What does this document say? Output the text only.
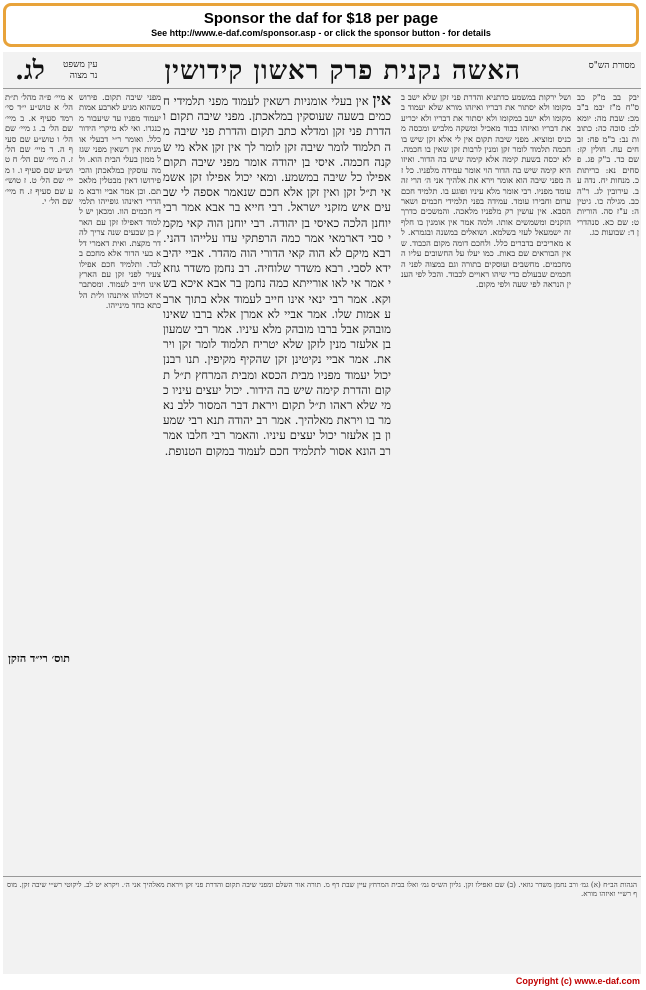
Sponsor the daf for $18 per page
See http://www.e-daf.com/sponsor.asp - or click the sponsor button - for details
מסורת הש"ס
האשה נקנית פרק ראשון קידושין
עין משפט
נר מצוה
לג.

יבק בב מ"ק כב ס"ח מ"ז יבמ ב"ב מכ: שבת מה: יומא לב: סוכה כה: כתובות נב: ב"מ פח: זבחים עח. חולין קז: שם כד. ב"ק פג. פסחים נא: כריתות כ. מנחות יח. נדה עב. עירובין לג. ר"ה כב. מגילה כו. גיטין ה: ע"ז סה. הוריות ט: שם כא. סנהדרין ד: שבועות כג.

ושל ירקות במשמע כדתניא והדרת פני זקן שלא ישב במקומו ולא יסתור את דבריו ואיזהו מורא שלא יעמוד במקומו ולא ישב במקומו ולא יסתור את דבריו ולא יכריע את דבריו ואיזהו כבוד מאכיל ומשקה מלביש ומכסה מכניס ומוציא. מפני שיבה תקום אין לי אלא זקן שיש בו חכמה תלמוד לומר זקן ומנין לרבות זקן שאין בו חכמה. לא יכסה בשעת קימה אלא קימה שיש בה הדור. ואיזו היא קימה שיש בה הדור הוי אומר עמידה מלפניו. כל זה מפני שיבה הוא אומר וירא את אלהיך אני ה׳ הרי זה עומד מפניו. רבי אומר מלא עיניו ופוגע בו. תלמיד חכם ערום וחבירו עומד. עמידה בפני תלמידי חכמים ושאר הסבא. אין עושין רק מלפניו מלאכה. והמשכים כדרך הזקנים ומשמשים אותו. ולמה אמר אין אומנין בו חלף זה ישמעאל לעזי בשלמא. ושואלים במשנה ובגמרא. לא מאריכים בדברים כלל. ולחכם דומה מקום הכבוד. שאין הבוראים שם באות. כמו יעלו על החשובים עליו המחכמים. מחשבים ועוסקים בתורה וגם במצוה לפני החכמים שבעולם כדי שיהו ראויים לכבוד. והכל לפי הענין הנראה לפי שעה ולפי מקום.

אין אין בעלי אומניות רשאין לעמוד מפני תלמידי חכמים בשעה שעוסקין במלאכתן. מפני שיבה תקום והדרת פני זקן ומדלא כתב תקום והדרת פני שיבה מה תלמוד לומר שיבה זקן לומר לך אין זקן אלא מי שקנה חכמה. איסי בן יהודה אומר מפני שיבה תקום אפילו כל שיבה במשמע. ומאי יכול אפילו זקן אשמאי ת״ל זקן ואין זקן אלא חכם שנאמר אספה לי שבעים איש מזקני ישראל. רבי חייא בר אבא אמר רבי יוחנן הלכה כאיסי בן יהודה. רבי יוחנן הוה קאי מקמי סבי דארמאי אמר כמה הרפתקי עדו עלייהו דהני. רבא מיקם לא הוה קאי הדורי הוה מהדר. אביי יהיב ידא לסבי. רבא משדר שלוחיה. רב נחמן משדר גוזאי אמר אי לאו אורייתא כמה נחמן בר אבא איכא בשוקא. אמר רבי ינאי אינו חייב לעמוד אלא בתוך ארבע אמות שלו. אמר אביי לא אמרן אלא ברבו שאינו מובהק אבל ברבו מובהק מלא עיניו. אמר רבי שמעון בן אלעזר מנין לזקן שלא יטריח תלמוד לומר זקן ויראת. אמר אביי נקיטינן זקן שהקיף מקיפין. תנו רבנן יכול יעמוד מפניו מבית הכסא ומבית המרחץ ת״ל תקום והדרת קימה שיש בה הידור. יכול יעצים עיניו כמי שלא ראהו ת״ל תקום ויראת דבר המסור ללב נאמר בו ויראת מאלהיך. אמר רב יהודה תנא רבי שמעון בן אלעזר יכול יעצים עיניו. והאמר רבי חלבו אמר רב הונא אסור לתלמיד חכם לעמוד במקום הטנופת.

מפני שיבה תקום. פירוש כשהוא מגיע לארבע אמות יעמוד מפניו עד שיעבור מכנגדו. ואי לא מיקרי הידור כלל. ואומר ר״י דבעלי אומניות אין רשאין מפני שגזל ממון בעלי הבית הוא. ולמה עוסקין במלאכתן והכי פירושו דאין מבטלין מלאכתם. וכן אמר אביי ורבא מהדרי דאינהו גופייהו תלמידי חכמים הוו. ומכאן יש ללמוד דאפילו זקן עם הארץ בן שבעים שנה צריך להדר מקצת. ואית דאמרי דלא בעי הדור אלא מחכם בלבד. ותלמיד חכם אפילו צעיר לפני זקן עם הארץ אינו חייב לעמוד. ומסתברא דכולהו איתנהו ולית הלכתא כחד מינייהו.

א מיי׳ פ״ה מהל׳ ת״ת הל׳ א טוש״ע י״ד סי׳ רמד סעיף א. ב מיי׳ שם הל׳ ב. ג מיי׳ שם הל׳ ו טוש״ע שם סעיף ה. ד מיי׳ שם הל׳ ז. ה מיי׳ שם הל׳ ח טוש״ע שם סעיף ו. ו מיי׳ שם הל׳ ט. ז טוש״ע שם סעיף ז. ח מיי׳ שם הל׳ י.

תוס׳ רי״ד הזקן

הגהות הב״ח (א) גמ׳ ורב נחמן משדר גוזאי. (ב) שם ואפילו זקן. גליון הש״ס גמ׳ ואלו בבית המרחץ עיין שבת דף מ. תורה אור השלם ומפני שיבה תקום והדרת פני זקן ויראת מאלהיך אני ה׳. ויקרא יט לב. ליקוטי רש״י שיבה זקן. מוסף רש״י ואיזהו מורא.

Copyright (c) www.e-daf.com
